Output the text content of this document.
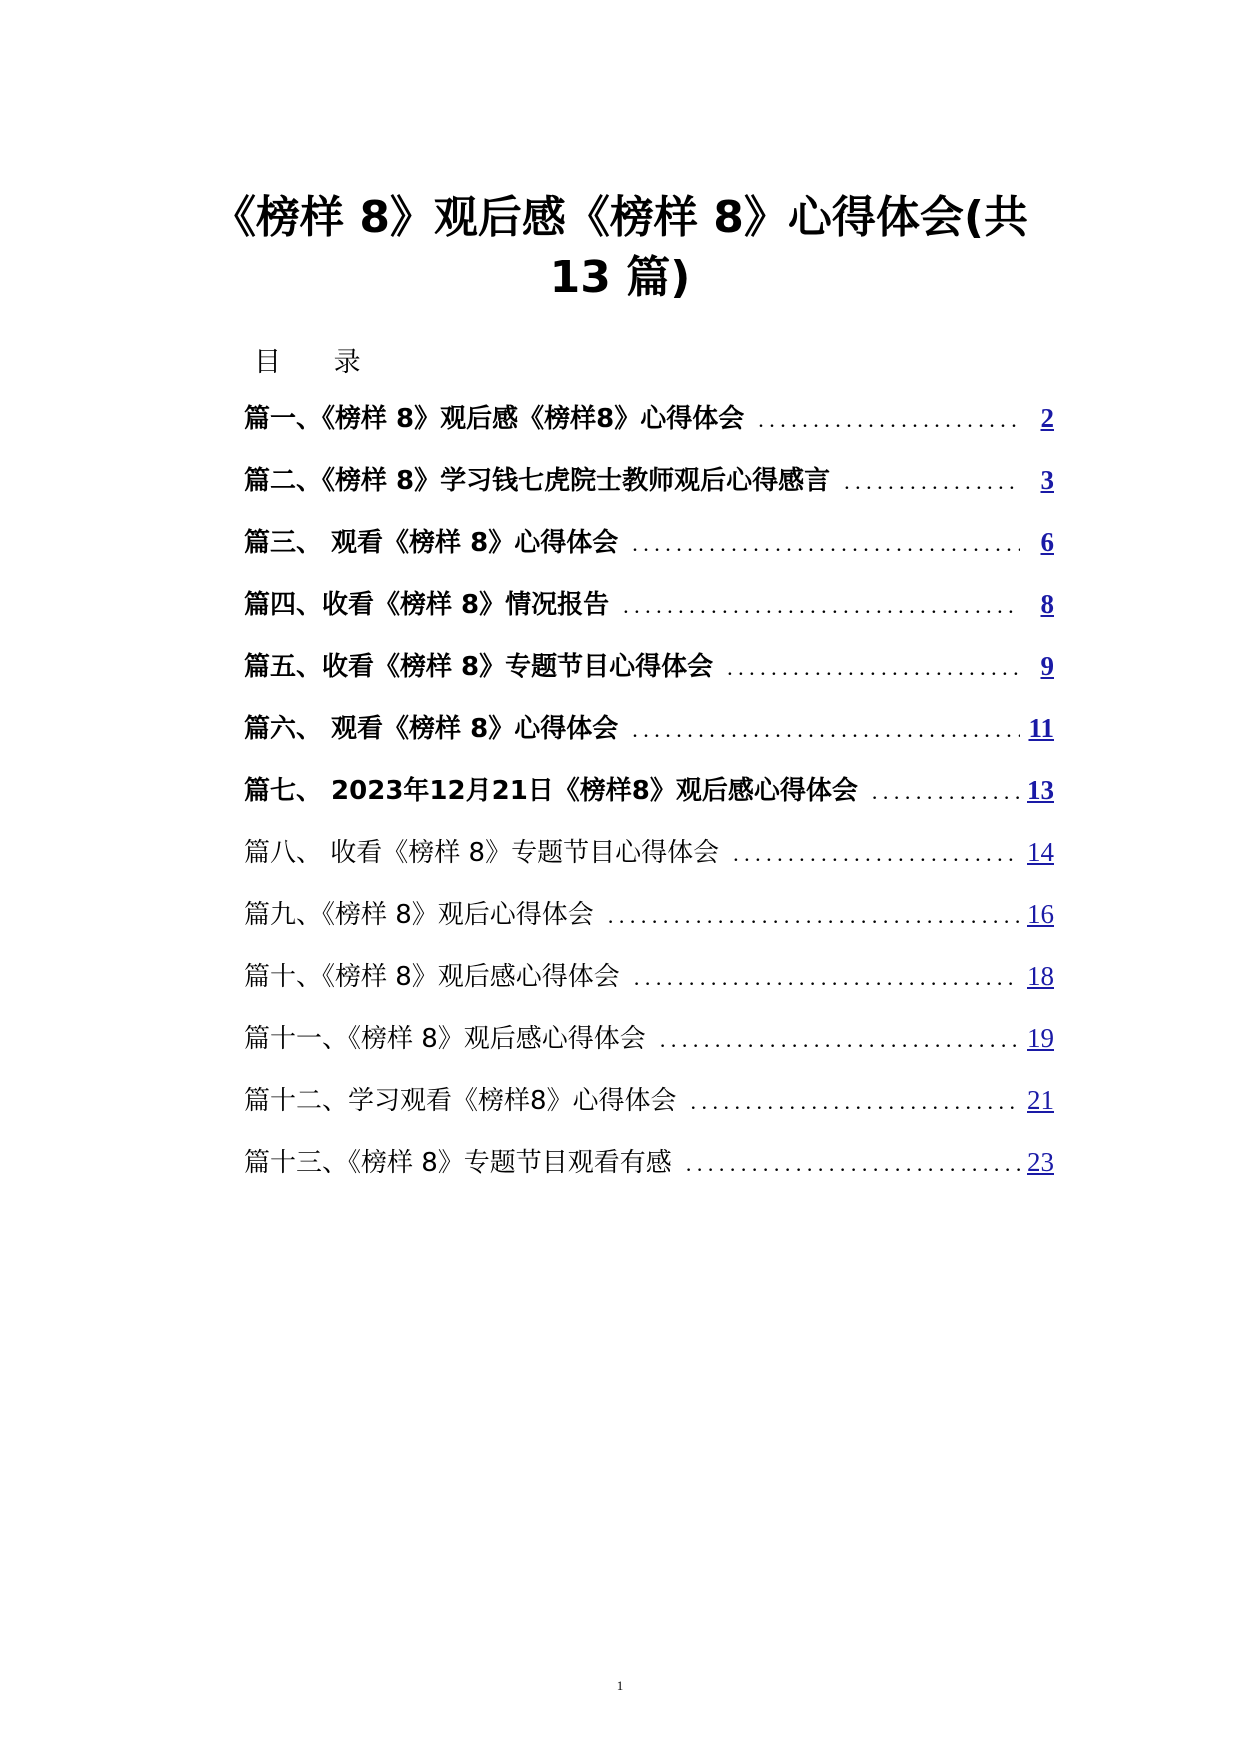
《榜样 8》观后感《榜样 8》心得体会(共
13 篇)
目 录
篇一、《榜样 8》观后感《榜样8》心得体会 . . .	2
篇二、《榜样 8》学习钱七虎院士教师观后心得感言 . . .	3
篇三、 观看《榜样 8》心得体会 . . .	6
篇四、收看《榜样 8》情况报告 . . .	8
篇五、收看《榜样 8》专题节目心得体会 . . .	9
篇六、 观看《榜样 8》心得体会 . . .	11
篇七、 2023年12月21日《榜样8》观后感心得体会 . . .	13
篇八、 收看《榜样 8》专题节目心得体会 . . .	14
篇九、《榜样 8》观后心得体会 . . .	16
篇十、《榜样 8》观后感心得体会 . . .	18
篇十一、《榜样 8》观后感心得体会 . . .	19
篇十二、学习观看《榜样8》心得体会 . . .	21
篇十三、《榜样 8》专题节目观看有感 . . .	23
1
